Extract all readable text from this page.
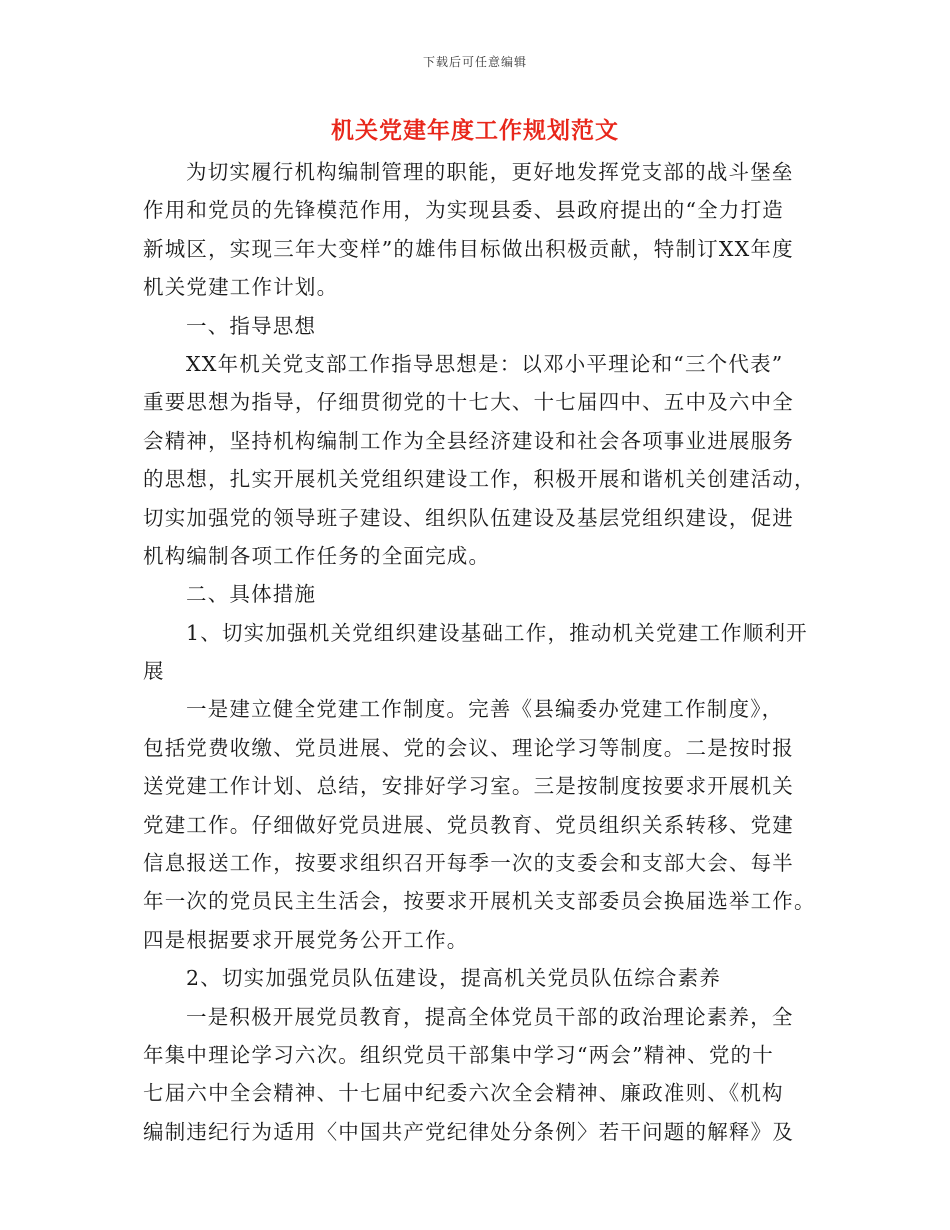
下载后可任意编辑
机关党建年度工作规划范文
为切实履行机构编制管理的职能，更好地发挥党支部的战斗堡垒
作用和党员的先锋模范作用，为实现县委、县政府提出的“全力打造
新城区，实现三年大变样”的雄伟目标做出积极贡献，特制订XX年度
机关党建工作计划。
一、指导思想
XX年机关党支部工作指导思想是：以邓小平理论和“三个代表”
重要思想为指导，仔细贯彻党的十七大、十七届四中、五中及六中全
会精神，坚持机构编制工作为全县经济建设和社会各项事业进展服务
的思想，扎实开展机关党组织建设工作，积极开展和谐机关创建活动，
切实加强党的领导班子建设、组织队伍建设及基层党组织建设，促进
机构编制各项工作任务的全面完成。
二、具体措施
1、切实加强机关党组织建设基础工作，推动机关党建工作顺利开
展
一是建立健全党建工作制度。完善《县编委办党建工作制度》，
包括党费收缴、党员进展、党的会议、理论学习等制度。二是按时报
送党建工作计划、总结，安排好学习室。三是按制度按要求开展机关
党建工作。仔细做好党员进展、党员教育、党员组织关系转移、党建
信息报送工作，按要求组织召开每季一次的支委会和支部大会、每半
年一次的党员民主生活会，按要求开展机关支部委员会换届选举工作。
四是根据要求开展党务公开工作。
2、切实加强党员队伍建设，提高机关党员队伍综合素养
一是积极开展党员教育，提高全体党员干部的政治理论素养，全
年集中理论学习六次。组织党员干部集中学习“两会”精神、党的十
七届六中全会精神、十七届中纪委六次全会精神、廉政准则、《机构
编制违纪行为适用〈中国共产党纪律处分条例〉若干问题的解释》及
